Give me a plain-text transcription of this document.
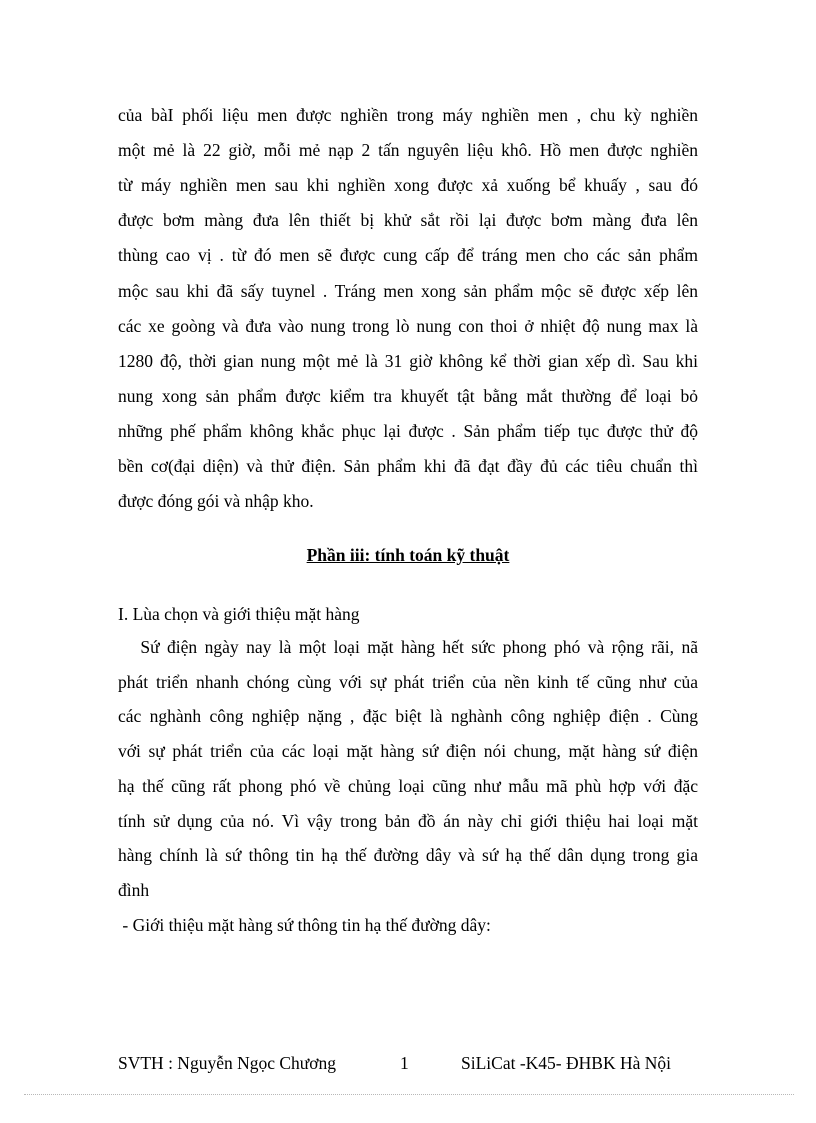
của bàI phối liệu men được nghiền trong máy nghiền men , chu kỳ nghiền
một mẻ là 22 giờ, mỗi mẻ nạp 2 tấn nguyên liệu khô. Hồ men được nghiền
từ máy nghiền men sau khi nghiền xong được xả xuống bể khuấy , sau đó
được bơm màng đưa lên thiết bị khử sắt rồi lại được bơm màng đưa lên
thùng cao vị . từ đó men sẽ được cung cấp để tráng men cho các sản phẩm
mộc sau khi đã sấy tuynel . Tráng men xong sản phẩm mộc sẽ được xếp lên
các xe goòng và đưa vào nung trong lò nung con thoi ở nhiệt độ nung max là
1280 độ, thời gian nung một mẻ là 31 giờ không kể thời gian xếp dì. Sau khi
nung xong sản phẩm được kiểm tra khuyết tật bằng mắt thường để loại bỏ
những phế phẩm không khắc phục lại được . Sản phẩm tiếp tục được thử độ
bền cơ(đại diện) và thử điện. Sản phẩm khi đã đạt đầy đủ các tiêu chuẩn thì
được đóng gói và nhập kho.
Phần iii: tính toán kỹ thuật
I. Lùa chọn và giới thiệu mặt hàng
Sứ điện ngày nay là một loại mặt hàng hết sức phong phó và rộng rãi, nã
phát triển nhanh chóng cùng với sự phát triển của nền kinh tế cũng như của
các nghành công nghiệp nặng , đặc biệt là nghành công nghiệp điện . Cùng
với sự phát triển của các loại mặt hàng sứ điện nói chung, mặt hàng sứ điện
hạ thế cũng rất phong phó về chủng loại cũng như mẫu mã phù hợp với đặc
tính sử dụng của nó. Vì vậy trong bản đồ án này chỉ giới thiệu hai loại mặt
hàng chính là sứ thông tin hạ thế đường dây và sứ hạ thế dân dụng trong gia
đình
- Giới thiệu mặt hàng sứ thông tin hạ thế đường dây:
SVTH : Nguyễn Ngọc Chương	1	SiLiCat -K45- ĐHBK Hà Nội
